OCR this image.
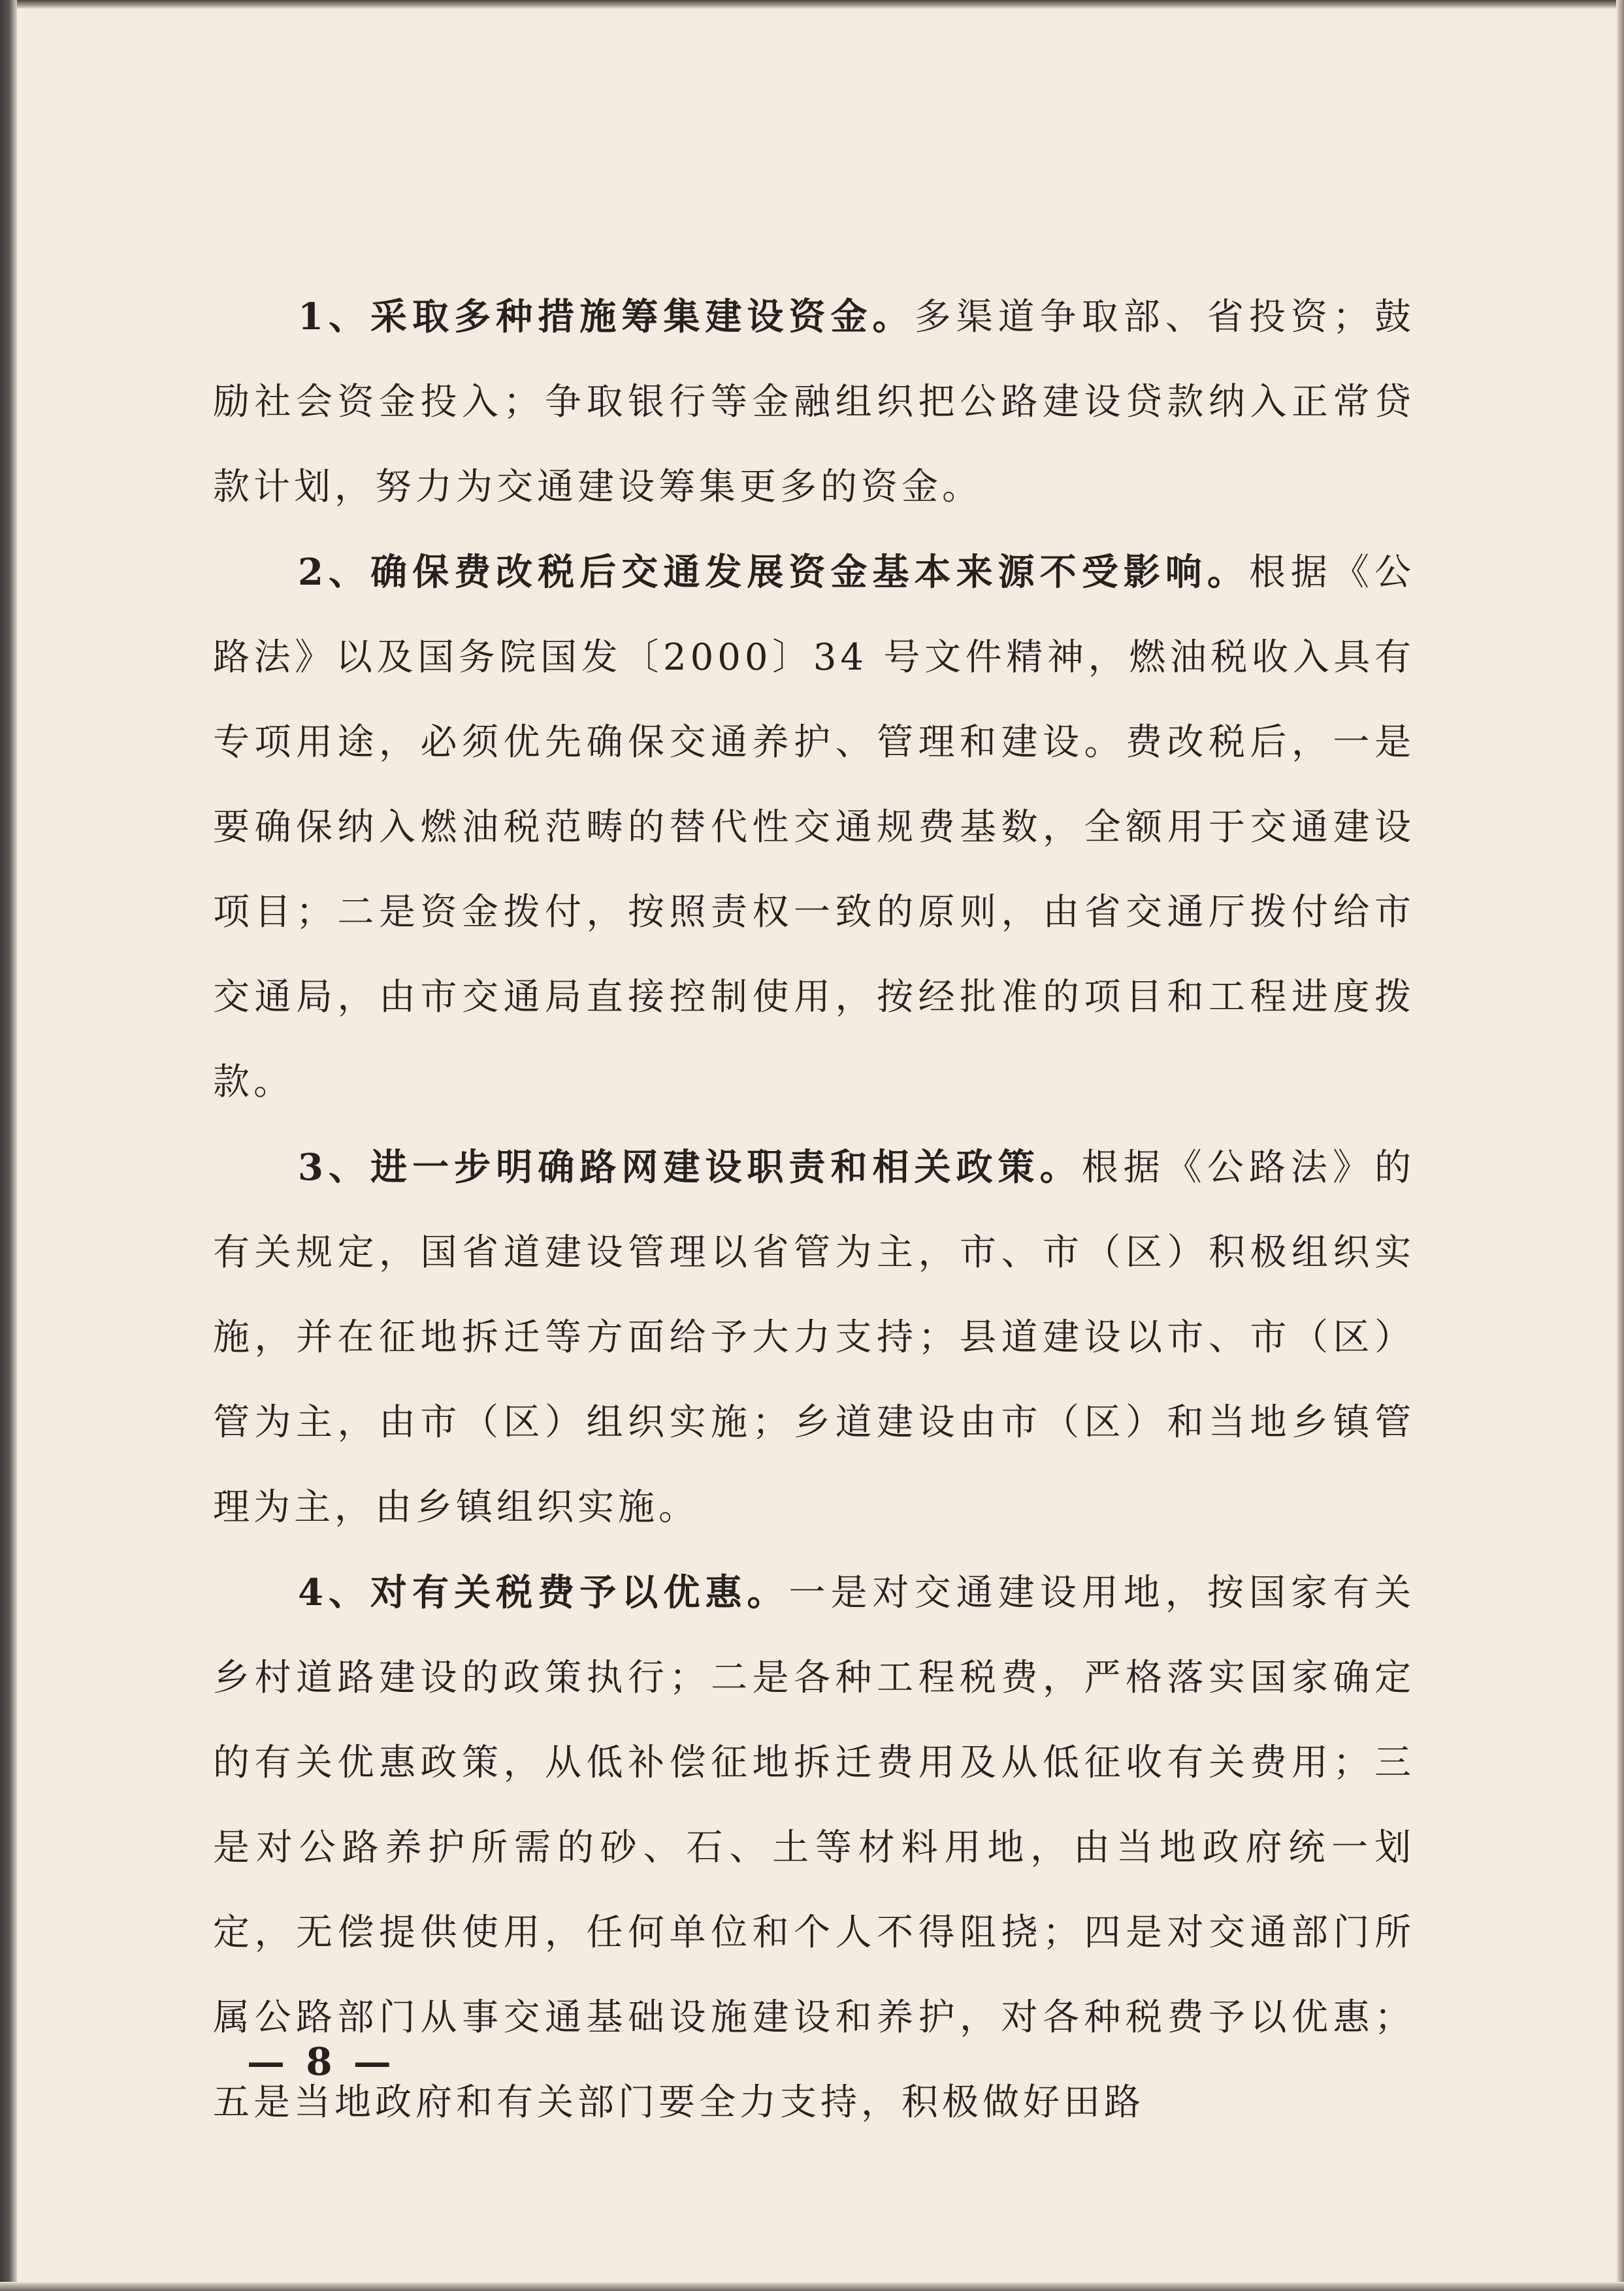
1、采取多种措施筹集建设资金。多渠道争取部、省投资；鼓励社会资金投入；争取银行等金融组织把公路建设贷款纳入正常贷款计划，努力为交通建设筹集更多的资金。

2、确保费改税后交通发展资金基本来源不受影响。根据《公路法》以及国务院国发〔2000〕34 号文件精神，燃油税收入具有专项用途，必须优先确保交通养护、管理和建设。费改税后，一是要确保纳入燃油税范畴的替代性交通规费基数，全额用于交通建设项目；二是资金拨付，按照责权一致的原则，由省交通厅拨付给市交通局，由市交通局直接控制使用，按经批准的项目和工程进度拨款。

3、进一步明确路网建设职责和相关政策。根据《公路法》的有关规定，国省道建设管理以省管为主，市、市（区）积极组织实施，并在征地拆迁等方面给予大力支持；县道建设以市、市（区）管为主，由市（区）组织实施；乡道建设由市（区）和当地乡镇管理为主，由乡镇组织实施。

4、对有关税费予以优惠。一是对交通建设用地，按国家有关乡村道路建设的政策执行；二是各种工程税费，严格落实国家确定的有关优惠政策，从低补偿征地拆迁费用及从低征收有关费用；三是对公路养护所需的砂、石、土等材料用地，由当地政府统一划定，无偿提供使用，任何单位和个人不得阻挠；四是对交通部门所属公路部门从事交通基础设施建设和养护，对各种税费予以优惠；五是当地政府和有关部门要全力支持，积极做好田路

— 8 —
